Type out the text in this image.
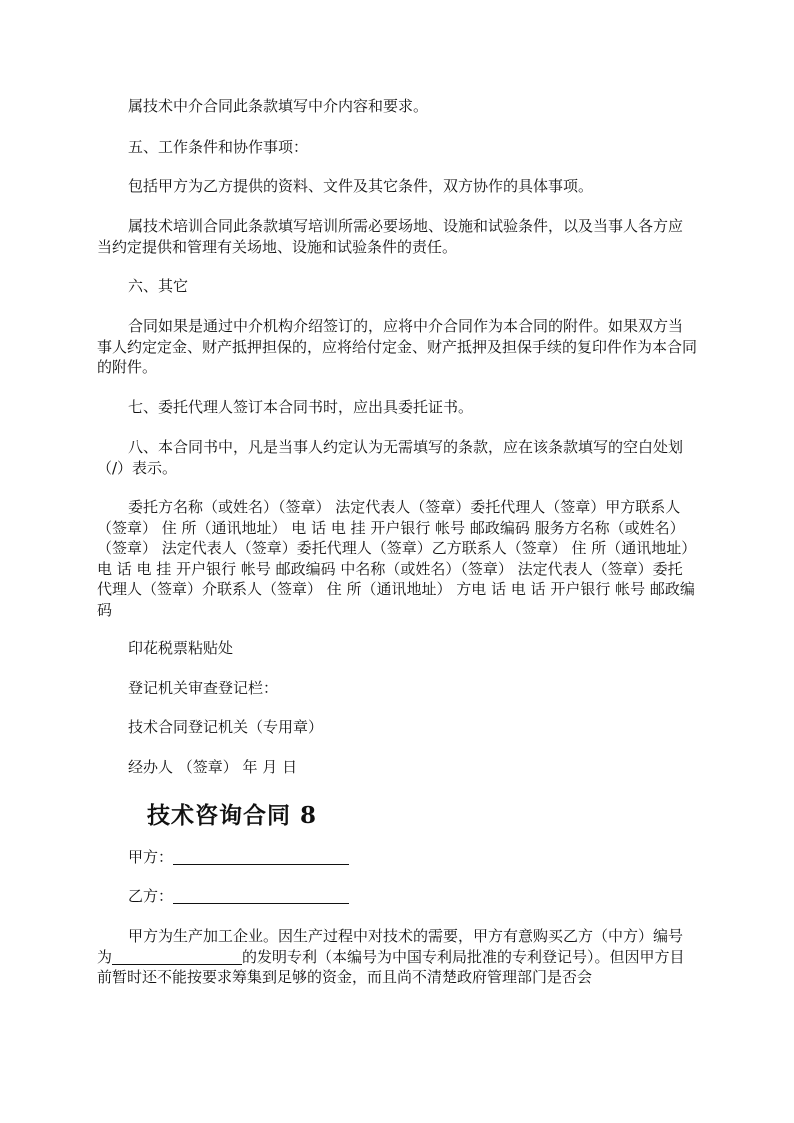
属技术中介合同此条款填写中介内容和要求。

五、工作条件和协作事项：

包括甲方为乙方提供的资料、文件及其它条件，双方协作的具体事项。

属技术培训合同此条款填写培训所需必要场地、设施和试验条件，以及当事人各方应当约定提供和管理有关场地、设施和试验条件的责任。

六、其它

合同如果是通过中介机构介绍签订的，应将中介合同作为本合同的附件。如果双方当事人约定定金、财产抵押担保的，应将给付定金、财产抵押及担保手续的复印件作为本合同的附件。

七、委托代理人签订本合同书时，应出具委托证书。

八、本合同书中，凡是当事人约定认为无需填写的条款，应在该条款填写的空白处划（/）表示。

委托方名称（或姓名）（签章） 法定代表人（签章）委托代理人（签章）甲方联系人（签章） 住 所（通讯地址） 电 话 电 挂 开户银行 帐号 邮政编码 服务方名称（或姓名）（签章） 法定代表人（签章）委托代理人（签章）乙方联系人（签章） 住 所（通讯地址） 电 话 电 挂 开户银行 帐号 邮政编码 中名称（或姓名）（签章） 法定代表人（签章）委托代理人（签章）介联系人（签章） 住 所（通讯地址） 方电 话 电 话 开户银行 帐号 邮政编码

印花税票粘贴处

登记机关审查登记栏：

技术合同登记机关（专用章）

经办人 （签章） 年 月 日

技术咨询合同 8
甲方：
乙方：

甲方为生产加工企业。因生产过程中对技术的需要，甲方有意购买乙方（中方）编号为	的发明专利（本编号为中国专利局批准的专利登记号）。但因甲方目前暂时还不能按要求筹集到足够的资金，而且尚不清楚政府管理部门是否会
